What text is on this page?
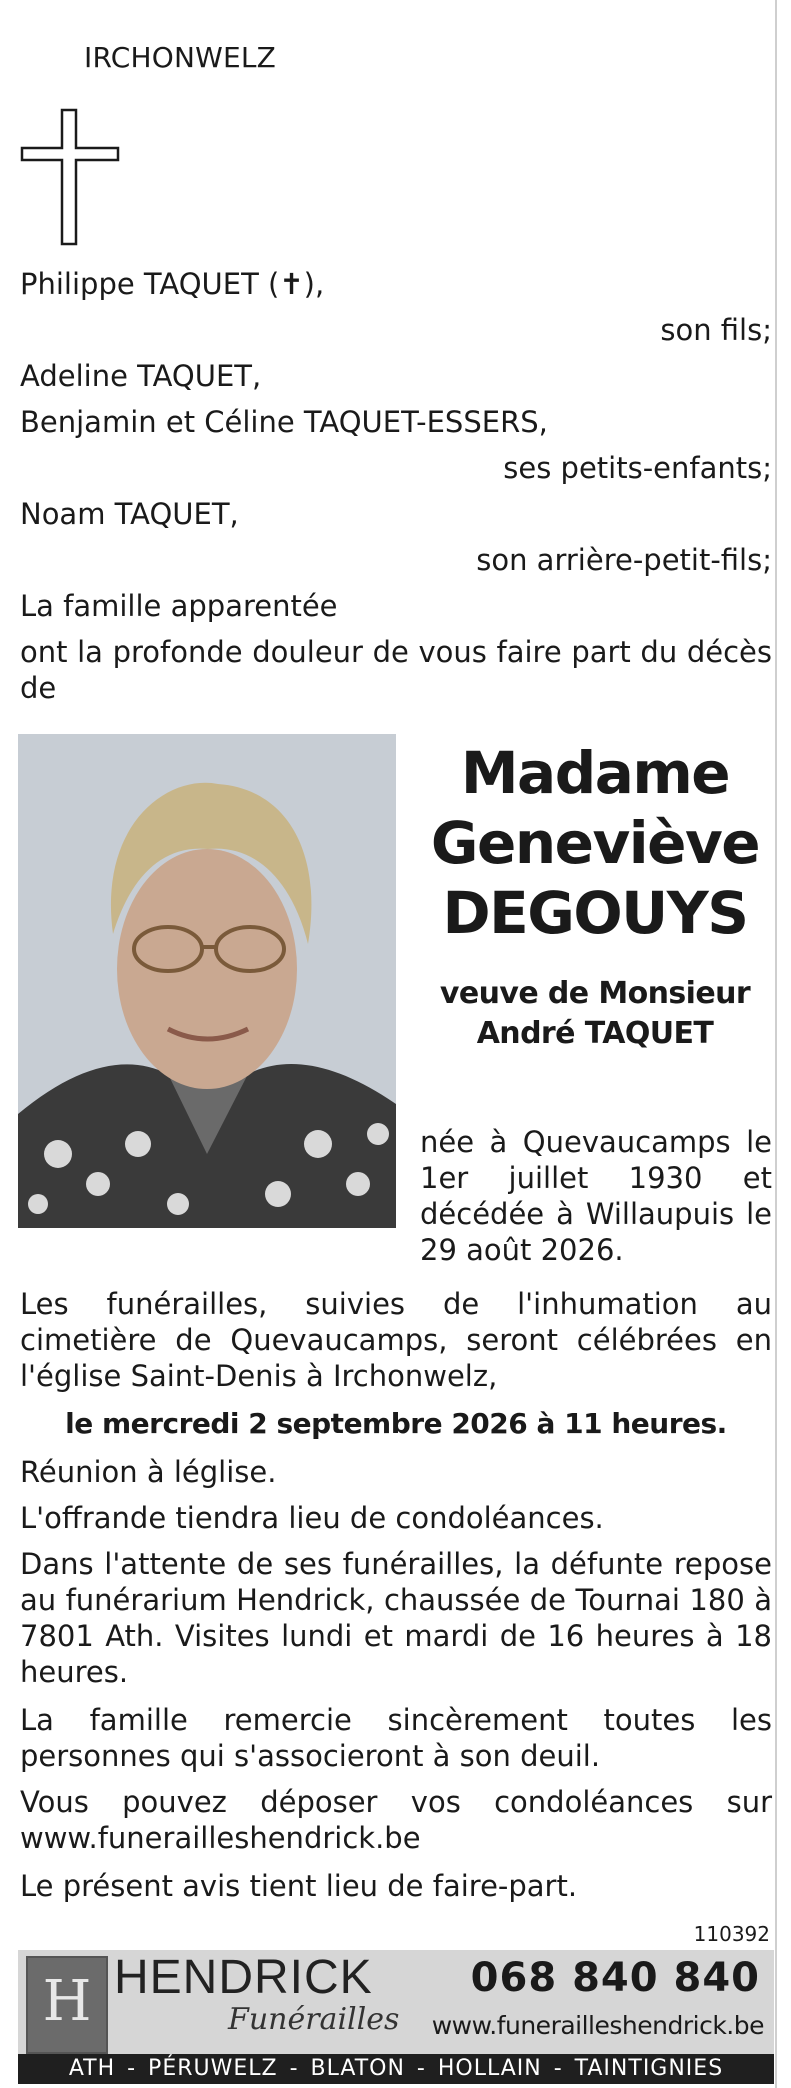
IRCHONWELZ
Philippe TAQUET (✝),
son fils;
Adeline TAQUET,
Benjamin et Céline TAQUET-ESSERS,
ses petits-enfants;
Noam TAQUET,
son arrière-petit-fils;
La famille apparentée
ont la profonde douleur de vous faire part du décès de
Madame
Geneviève
DEGOUYS
veuve de Monsieur
André TAQUET
née à Quevaucamps le 1er juillet 1930 et décédée à Willaupuis le 29 août 2026.
Les funérailles, suivies de l'inhumation au cimetière de Quevaucamps, seront célébrées en l'église Saint-Denis à Irchonwelz,
le mercredi 2 septembre 2026 à 11 heures.
Réunion à léglise.
L'offrande tiendra lieu de condoléances.
Dans l'attente de ses funérailles, la défunte repose au funérarium Hendrick, chaussée de Tournai 180 à 7801 Ath. Visites lundi et mardi de 16 heures à 18 heures.
La famille remercie sincèrement toutes les personnes qui s'associeront à son deuil.
Vous pouvez déposer vos condoléances sur www.funerailleshendrick.be
Le présent avis tient lieu de faire-part.
110392
H HENDRICK
Funérailles
068 840 840
www.funerailleshendrick.be
ATH - PÉRUWELZ - BLATON - HOLLAIN - TAINTIGNIES
